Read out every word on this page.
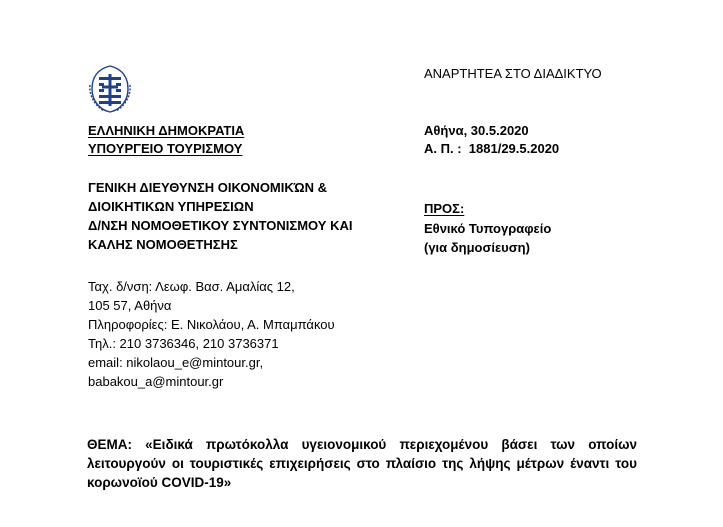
ΕΛΛΗΝΙΚΗ ΔΗΜΟΚΡΑΤΙΑ
ΥΠΟΥΡΓΕΙΟ ΤΟΥΡΙΣΜΟΥ
ΑΝΑΡΤΗΤΕΑ ΣΤΟ ΔΙΑΔΙΚΤΥΟ
Αθήνα, 30.5.2020
Α. Π. : 1881/29.5.2020
ΓΕΝΙΚΗ ΔΙΕΥΘΥΝΣΗ ΟΙΚΟΝΟΜΙΚΏΝ &
ΔΙΟΙΚΗΤΙΚΩΝ ΥΠΗΡΕΣΙΩΝ
Δ/ΝΣΗ ΝΟΜΟΘΕΤΙΚΟΥ ΣΥΝΤΟΝΙΣΜΟΥ ΚΑΙ
ΚΑΛΗΣ ΝΟΜΟΘΕΤΗΣΗΣ
ΠΡΟΣ:
Εθνικό Τυπογραφείο
(για δημοσίευση)
Ταχ. δ/νση: Λεωφ. Βασ. Αμαλίας 12,
105 57, Αθήνα
Πληροφορίες: Ε. Νικολάου, Α. Μπαμπάκου
Τηλ.: 210 3736346, 210 3736371
email: nikolaou_e@mintour.gr,
babakou_a@mintour.gr
ΘΕΜΑ: «Ειδικά πρωτόκολλα υγειονομικού περιεχομένου βάσει των οποίων λειτουργούν οι τουριστικές επιχειρήσεις στο πλαίσιο της λήψης μέτρων έναντι του κορωνοϊού COVID-19»
